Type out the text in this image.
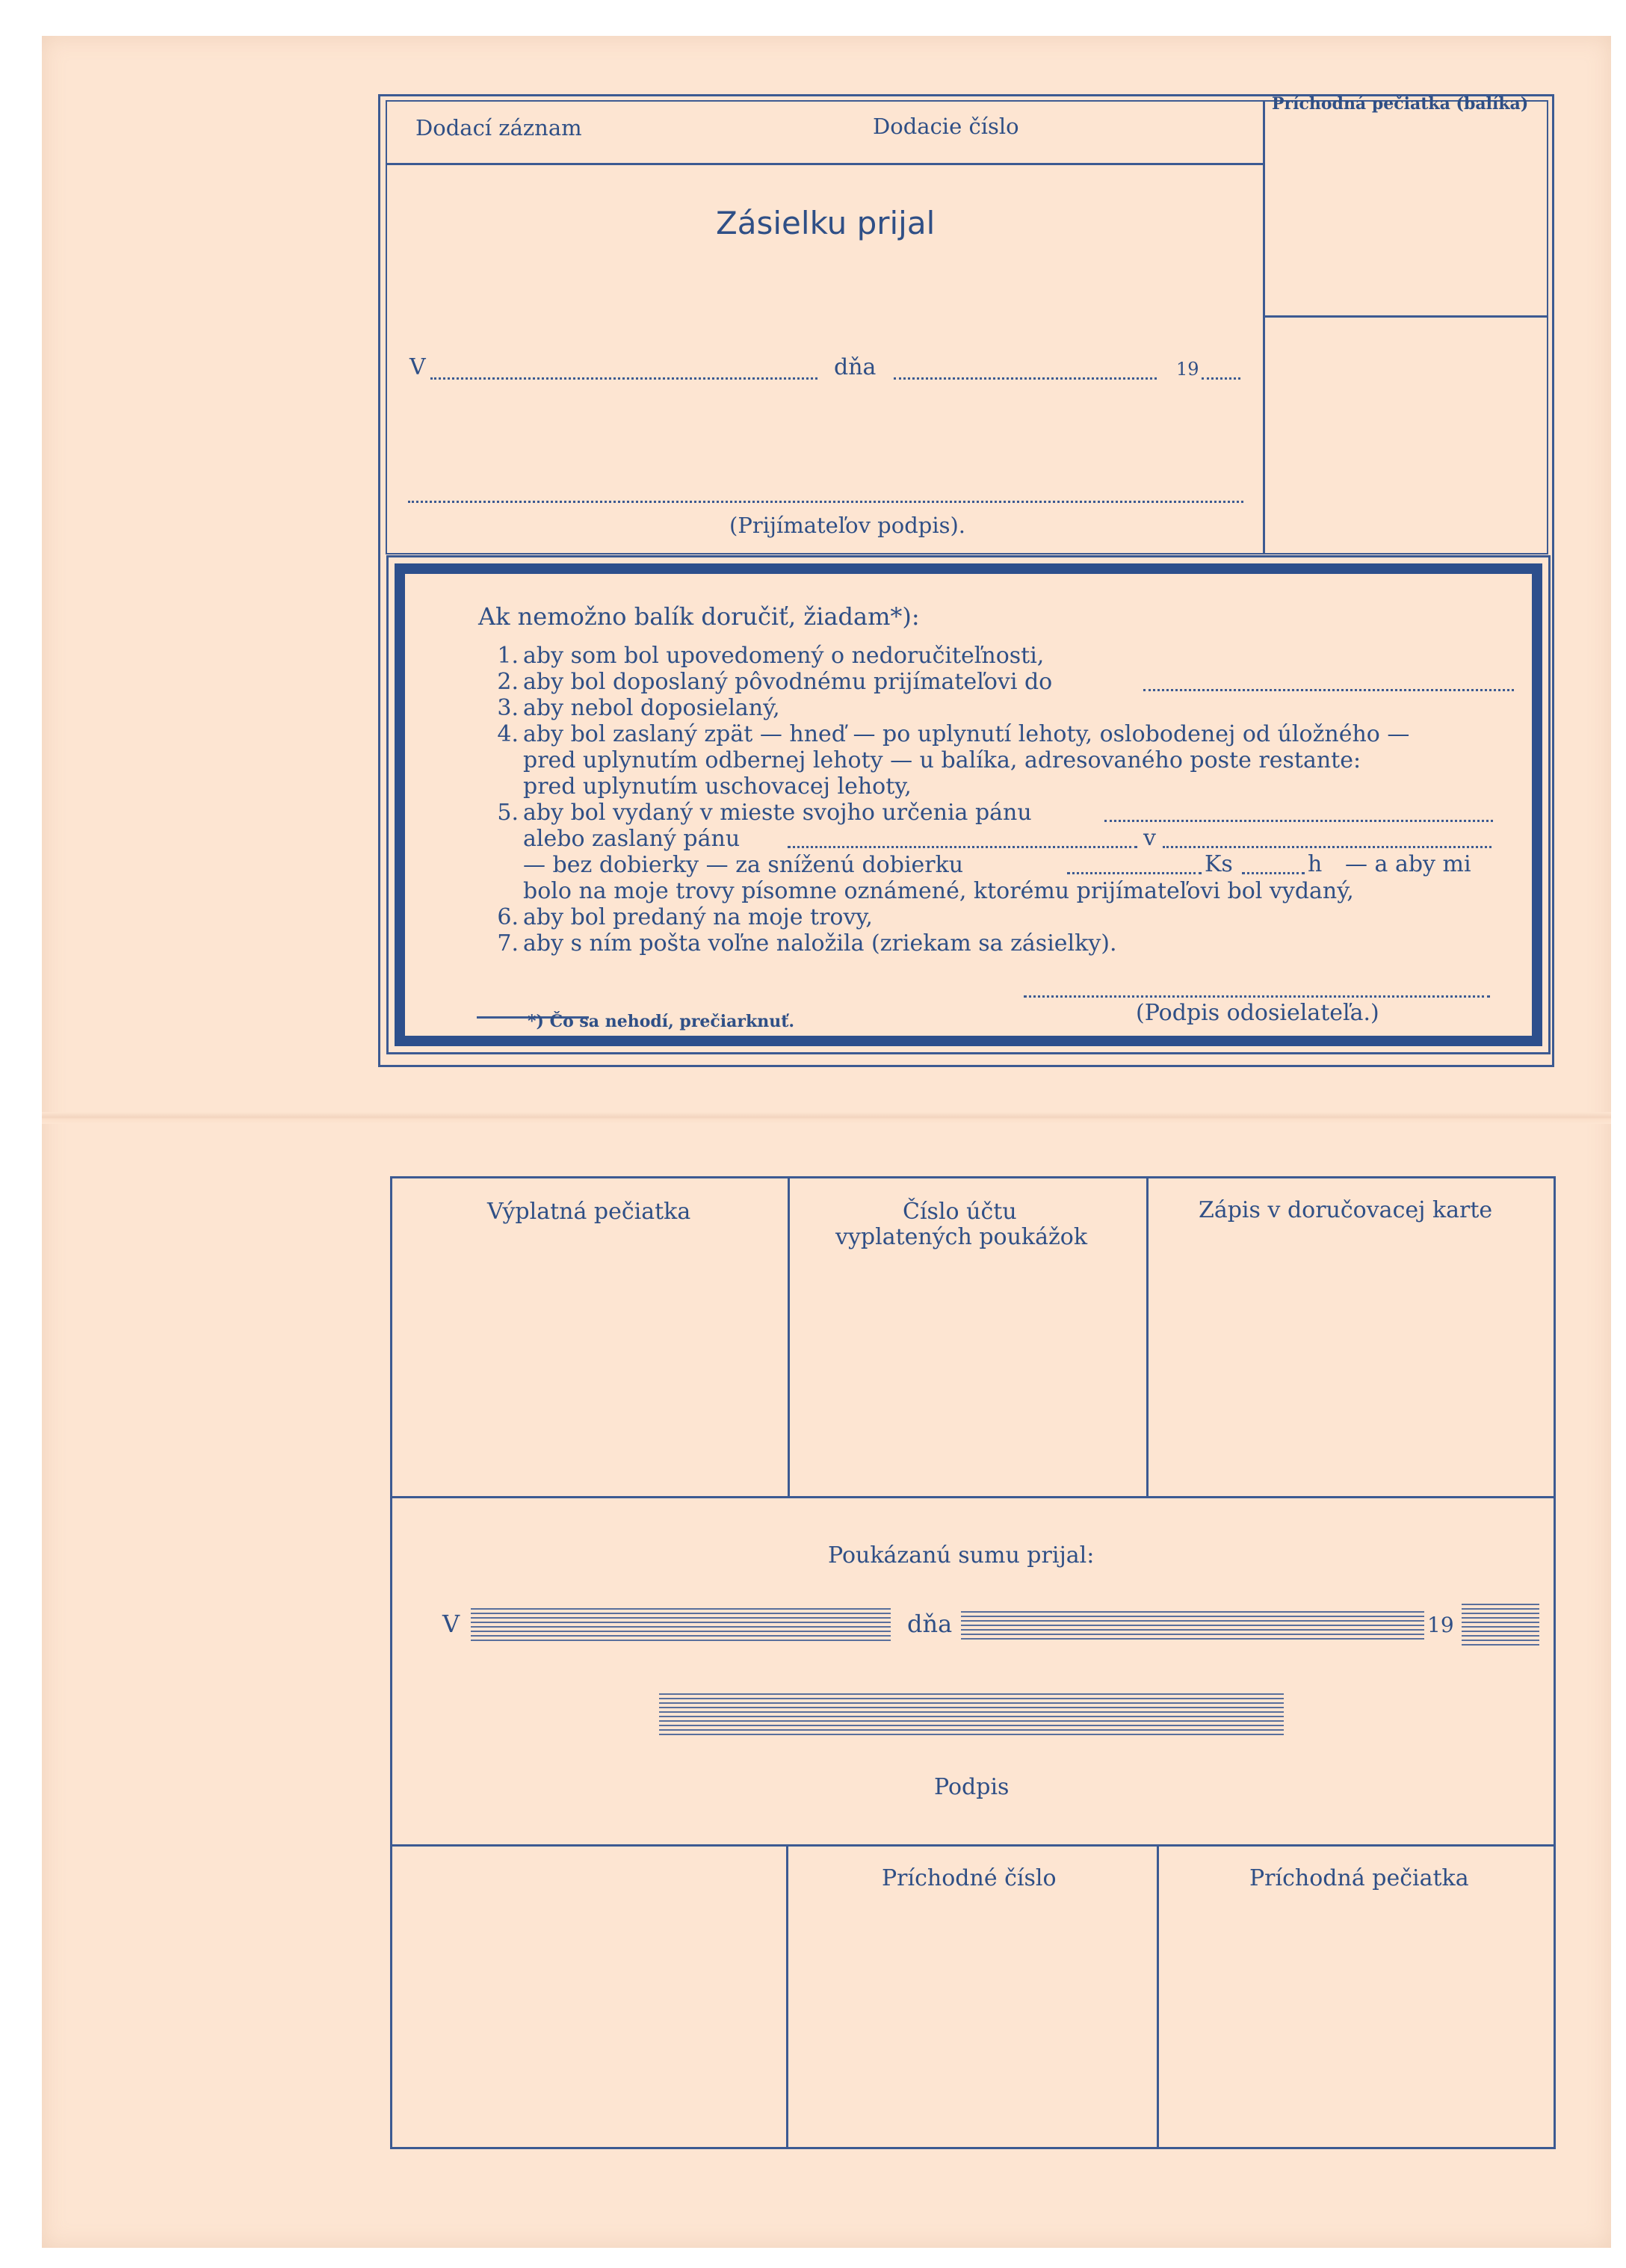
Dodací záznam	Dodacie číslo
Príchodná pečiatka (balíka)
Zásielku prijal
V	dňa	19
(Prijímateľov podpis).
Ak nemožno balík doručiť, žiadam*):
1. aby som bol upovedomený o nedoručiteľnosti,
2. aby bol doposlaný pôvodnému prijímateľovi do
3. aby nebol doposielaný,
4. aby bol zaslaný zpät — hneď — po uplynutí lehoty, oslobodenej od úložného —
pred uplynutím odbernej lehoty — u balíka, adresovaného poste restante:
pred uplynutím uschovacej lehoty,
5. aby bol vydaný v mieste svojho určenia pánu
alebo zaslaný pánu
— bez dobierky — za sníženú dobierku
bolo na moje trovy písomne oznámené, ktorému prijímateľovi bol vydaný,
6. aby bol predaný na moje trovy,
7. aby s ním pošta voľne naložila (zriekam sa zásielky).
v
Ks	h — a aby mi
*) Čo sa nehodí, prečiarknuť.	(Podpis odosielateľa.)
Výplatná pečiatka	Číslo účtu
vyplatených poukážok
Zápis v doručovacej karte
Poukázanú sumu prijal:
V	dňa	19
Podpis
Príchodné číslo	Príchodná pečiatka
